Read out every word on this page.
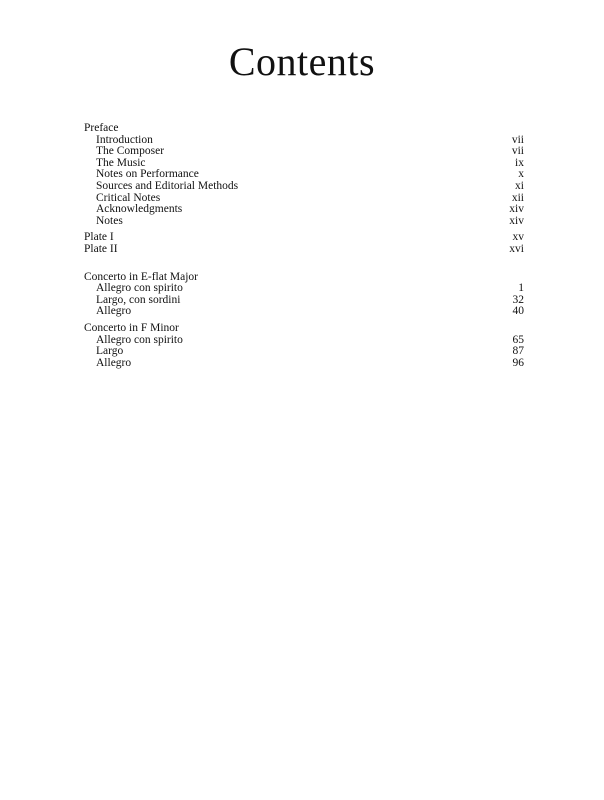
Contents
Preface
Introduction	vii
The Composer	vii
The Music	ix
Notes on Performance	x
Sources and Editorial Methods	xi
Critical Notes	xii
Acknowledgments	xiv
Notes	xiv
Plate I	xv
Plate II	xvi
Concerto in E-flat Major
Allegro con spirito	1
Largo, con sordini	32
Allegro	40
Concerto in F Minor
Allegro con spirito	65
Largo	87
Allegro	96
